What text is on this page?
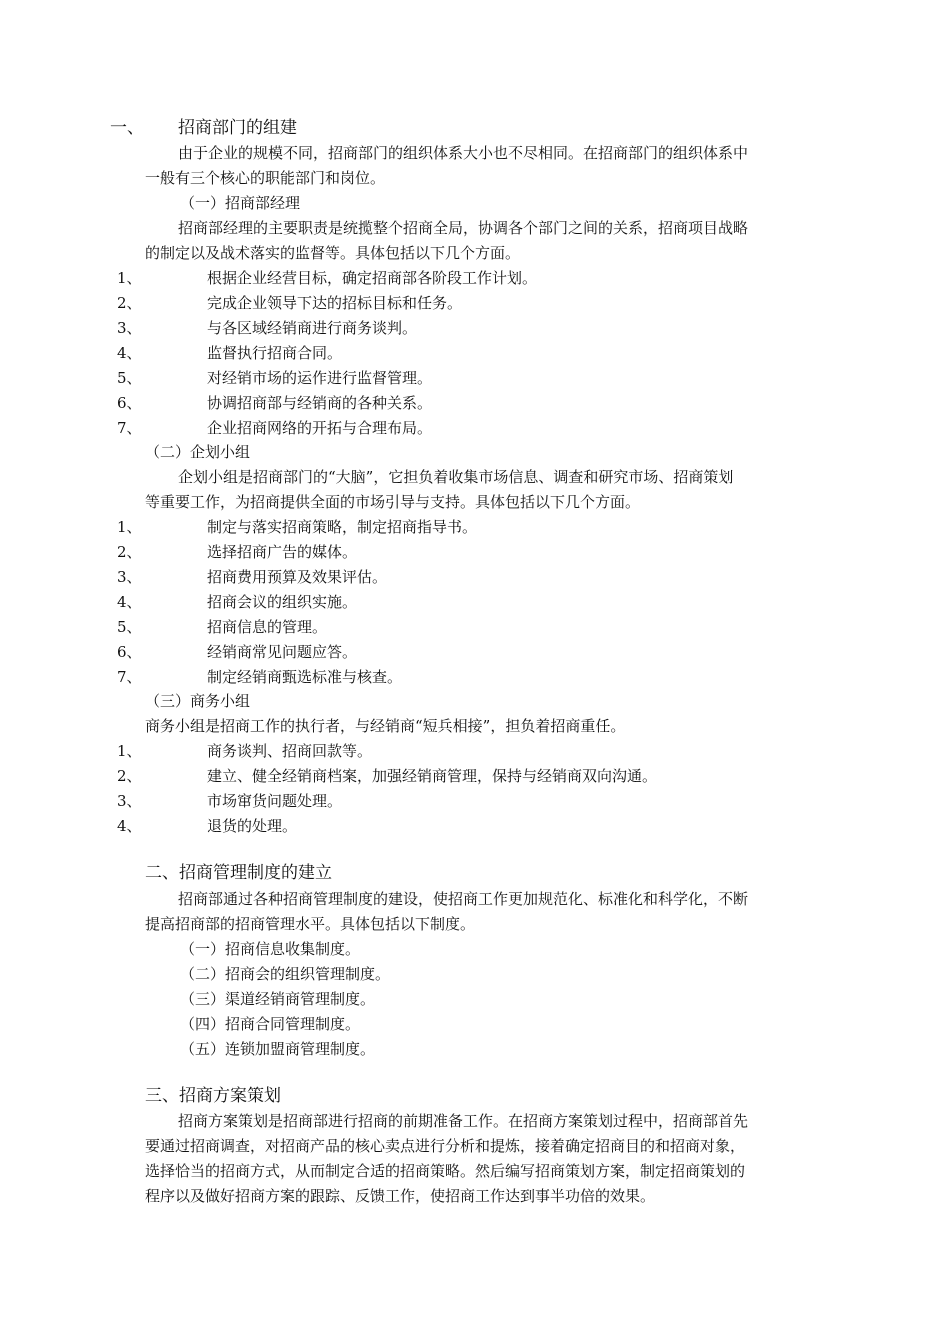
一、 招商部门的组建
由于企业的规模不同，招商部门的组织体系大小也不尽相同。在招商部门的组织体系中
一般有三个核心的职能部门和岗位。
（一）招商部经理
招商部经理的主要职责是统揽整个招商全局，协调各个部门之间的关系，招商项目战略
的制定以及战术落实的监督等。具体包括以下几个方面。
1、	根据企业经营目标，确定招商部各阶段工作计划。
2、	完成企业领导下达的招标目标和任务。
3、	与各区域经销商进行商务谈判。
4、	监督执行招商合同。
5、	对经销市场的运作进行监督管理。
6、	协调招商部与经销商的各种关系。
7、	企业招商网络的开拓与合理布局。
（二）企划小组
企划小组是招商部门的“大脑”，它担负着收集市场信息、调查和研究市场、招商策划
等重要工作，为招商提供全面的市场引导与支持。具体包括以下几个方面。
1、	制定与落实招商策略，制定招商指导书。
2、	选择招商广告的媒体。
3、	招商费用预算及效果评估。
4、	招商会议的组织实施。
5、	招商信息的管理。
6、	经销商常见问题应答。
7、	制定经销商甄选标准与核查。
（三）商务小组
商务小组是招商工作的执行者，与经销商“短兵相接”，担负着招商重任。
1、	商务谈判、招商回款等。
2、	建立、健全经销商档案，加强经销商管理，保持与经销商双向沟通。
3、	市场窜货问题处理。
4、	退货的处理。
二、招商管理制度的建立
招商部通过各种招商管理制度的建设，使招商工作更加规范化、标准化和科学化，不断
提高招商部的招商管理水平。具体包括以下制度。
（一）招商信息收集制度。
（二）招商会的组织管理制度。
（三）渠道经销商管理制度。
（四）招商合同管理制度。
（五）连锁加盟商管理制度。
三、招商方案策划
招商方案策划是招商部进行招商的前期准备工作。在招商方案策划过程中，招商部首先
要通过招商调查，对招商产品的核心卖点进行分析和提炼，接着确定招商目的和招商对象，
选择恰当的招商方式，从而制定合适的招商策略。然后编写招商策划方案，制定招商策划的
程序以及做好招商方案的跟踪、反馈工作，使招商工作达到事半功倍的效果。
